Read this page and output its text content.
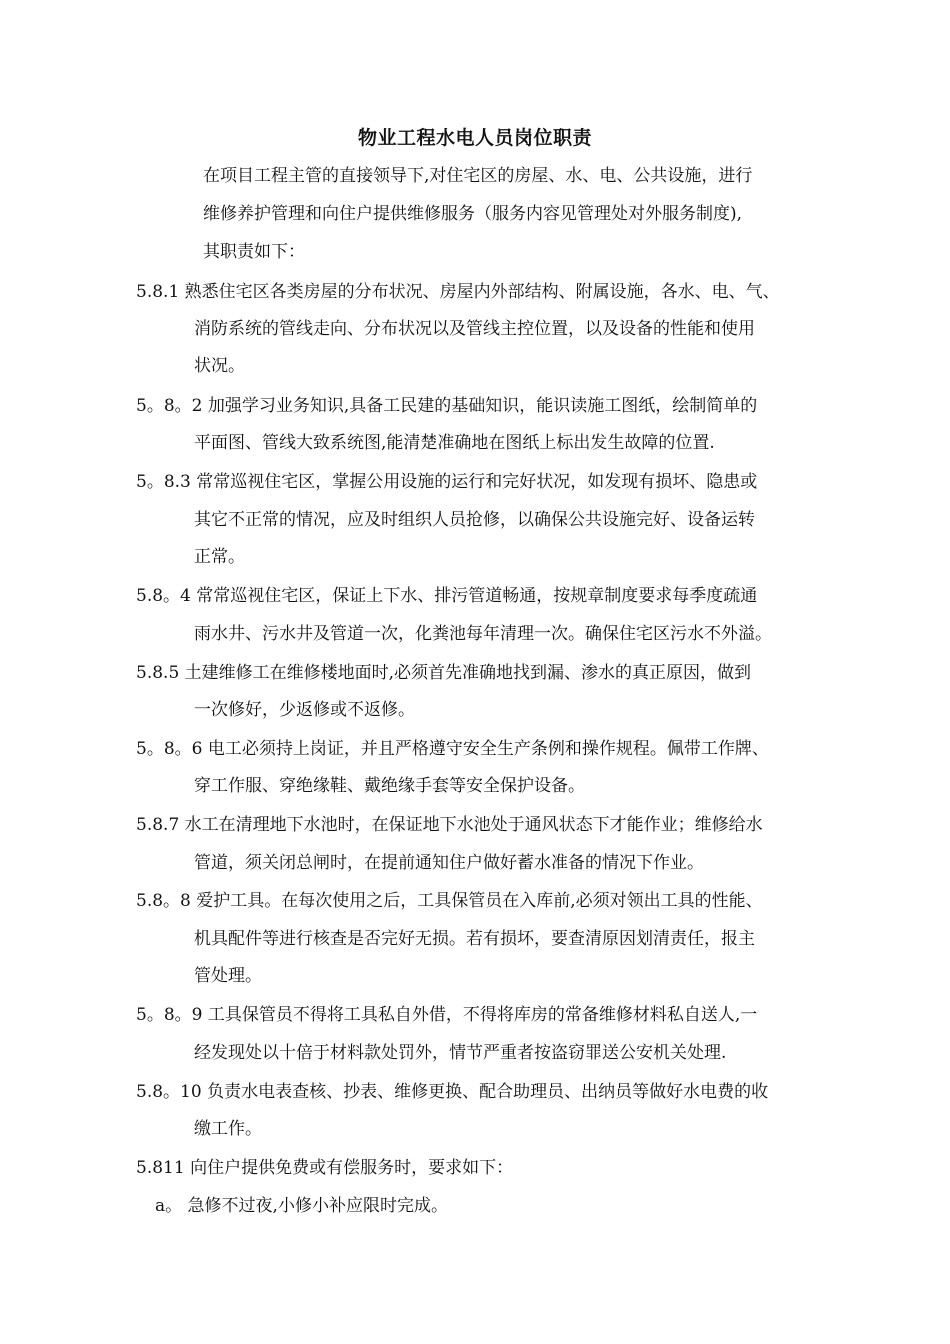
物业工程水电人员岗位职责
在项目工程主管的直接领导下,对住宅区的房屋、水、电、公共设施，进行
维修养护管理和向住户提供维修服务（服务内容见管理处对外服务制度),
其职责如下：
5.8.1 熟悉住宅区各类房屋的分布状况、房屋内外部结构、附属设施，各水、电、气、
消防系统的管线走向、分布状况以及管线主控位置，以及设备的性能和使用
状况。
5。8。2 加强学习业务知识,具备工民建的基础知识，能识读施工图纸，绘制简单的
平面图、管线大致系统图,能清楚准确地在图纸上标出发生故障的位置.
5。8.3 常常巡视住宅区，掌握公用设施的运行和完好状况，如发现有损坏、隐患或
其它不正常的情况，应及时组织人员抢修，以确保公共设施完好、设备运转
正常。
5.8。4 常常巡视住宅区，保证上下水、排污管道畅通，按规章制度要求每季度疏通
雨水井、污水井及管道一次，化粪池每年清理一次。确保住宅区污水不外溢。
5.8.5 土建维修工在维修楼地面时,必须首先准确地找到漏、渗水的真正原因，做到
一次修好，少返修或不返修。
5。8。6 电工必须持上岗证，并且严格遵守安全生产条例和操作规程。佩带工作牌、
穿工作服、穿绝缘鞋、戴绝缘手套等安全保护设备。
5.8.7 水工在清理地下水池时，在保证地下水池处于通风状态下才能作业；维修给水
管道，须关闭总闸时，在提前通知住户做好蓄水准备的情况下作业。
5.8。8 爱护工具。在每次使用之后，工具保管员在入库前,必须对领出工具的性能、
机具配件等进行核查是否完好无损。若有损坏，要查清原因划清责任，报主
管处理。
5。8。9 工具保管员不得将工具私自外借，不得将库房的常备维修材料私自送人,一
经发现处以十倍于材料款处罚外，情节严重者按盗窃罪送公安机关处理.
5.8。10 负责水电表查核、抄表、维修更换、配合助理员、出纳员等做好水电费的收
缴工作。
5.811 向住户提供免费或有偿服务时，要求如下：
a。 急修不过夜,小修小补应限时完成。
